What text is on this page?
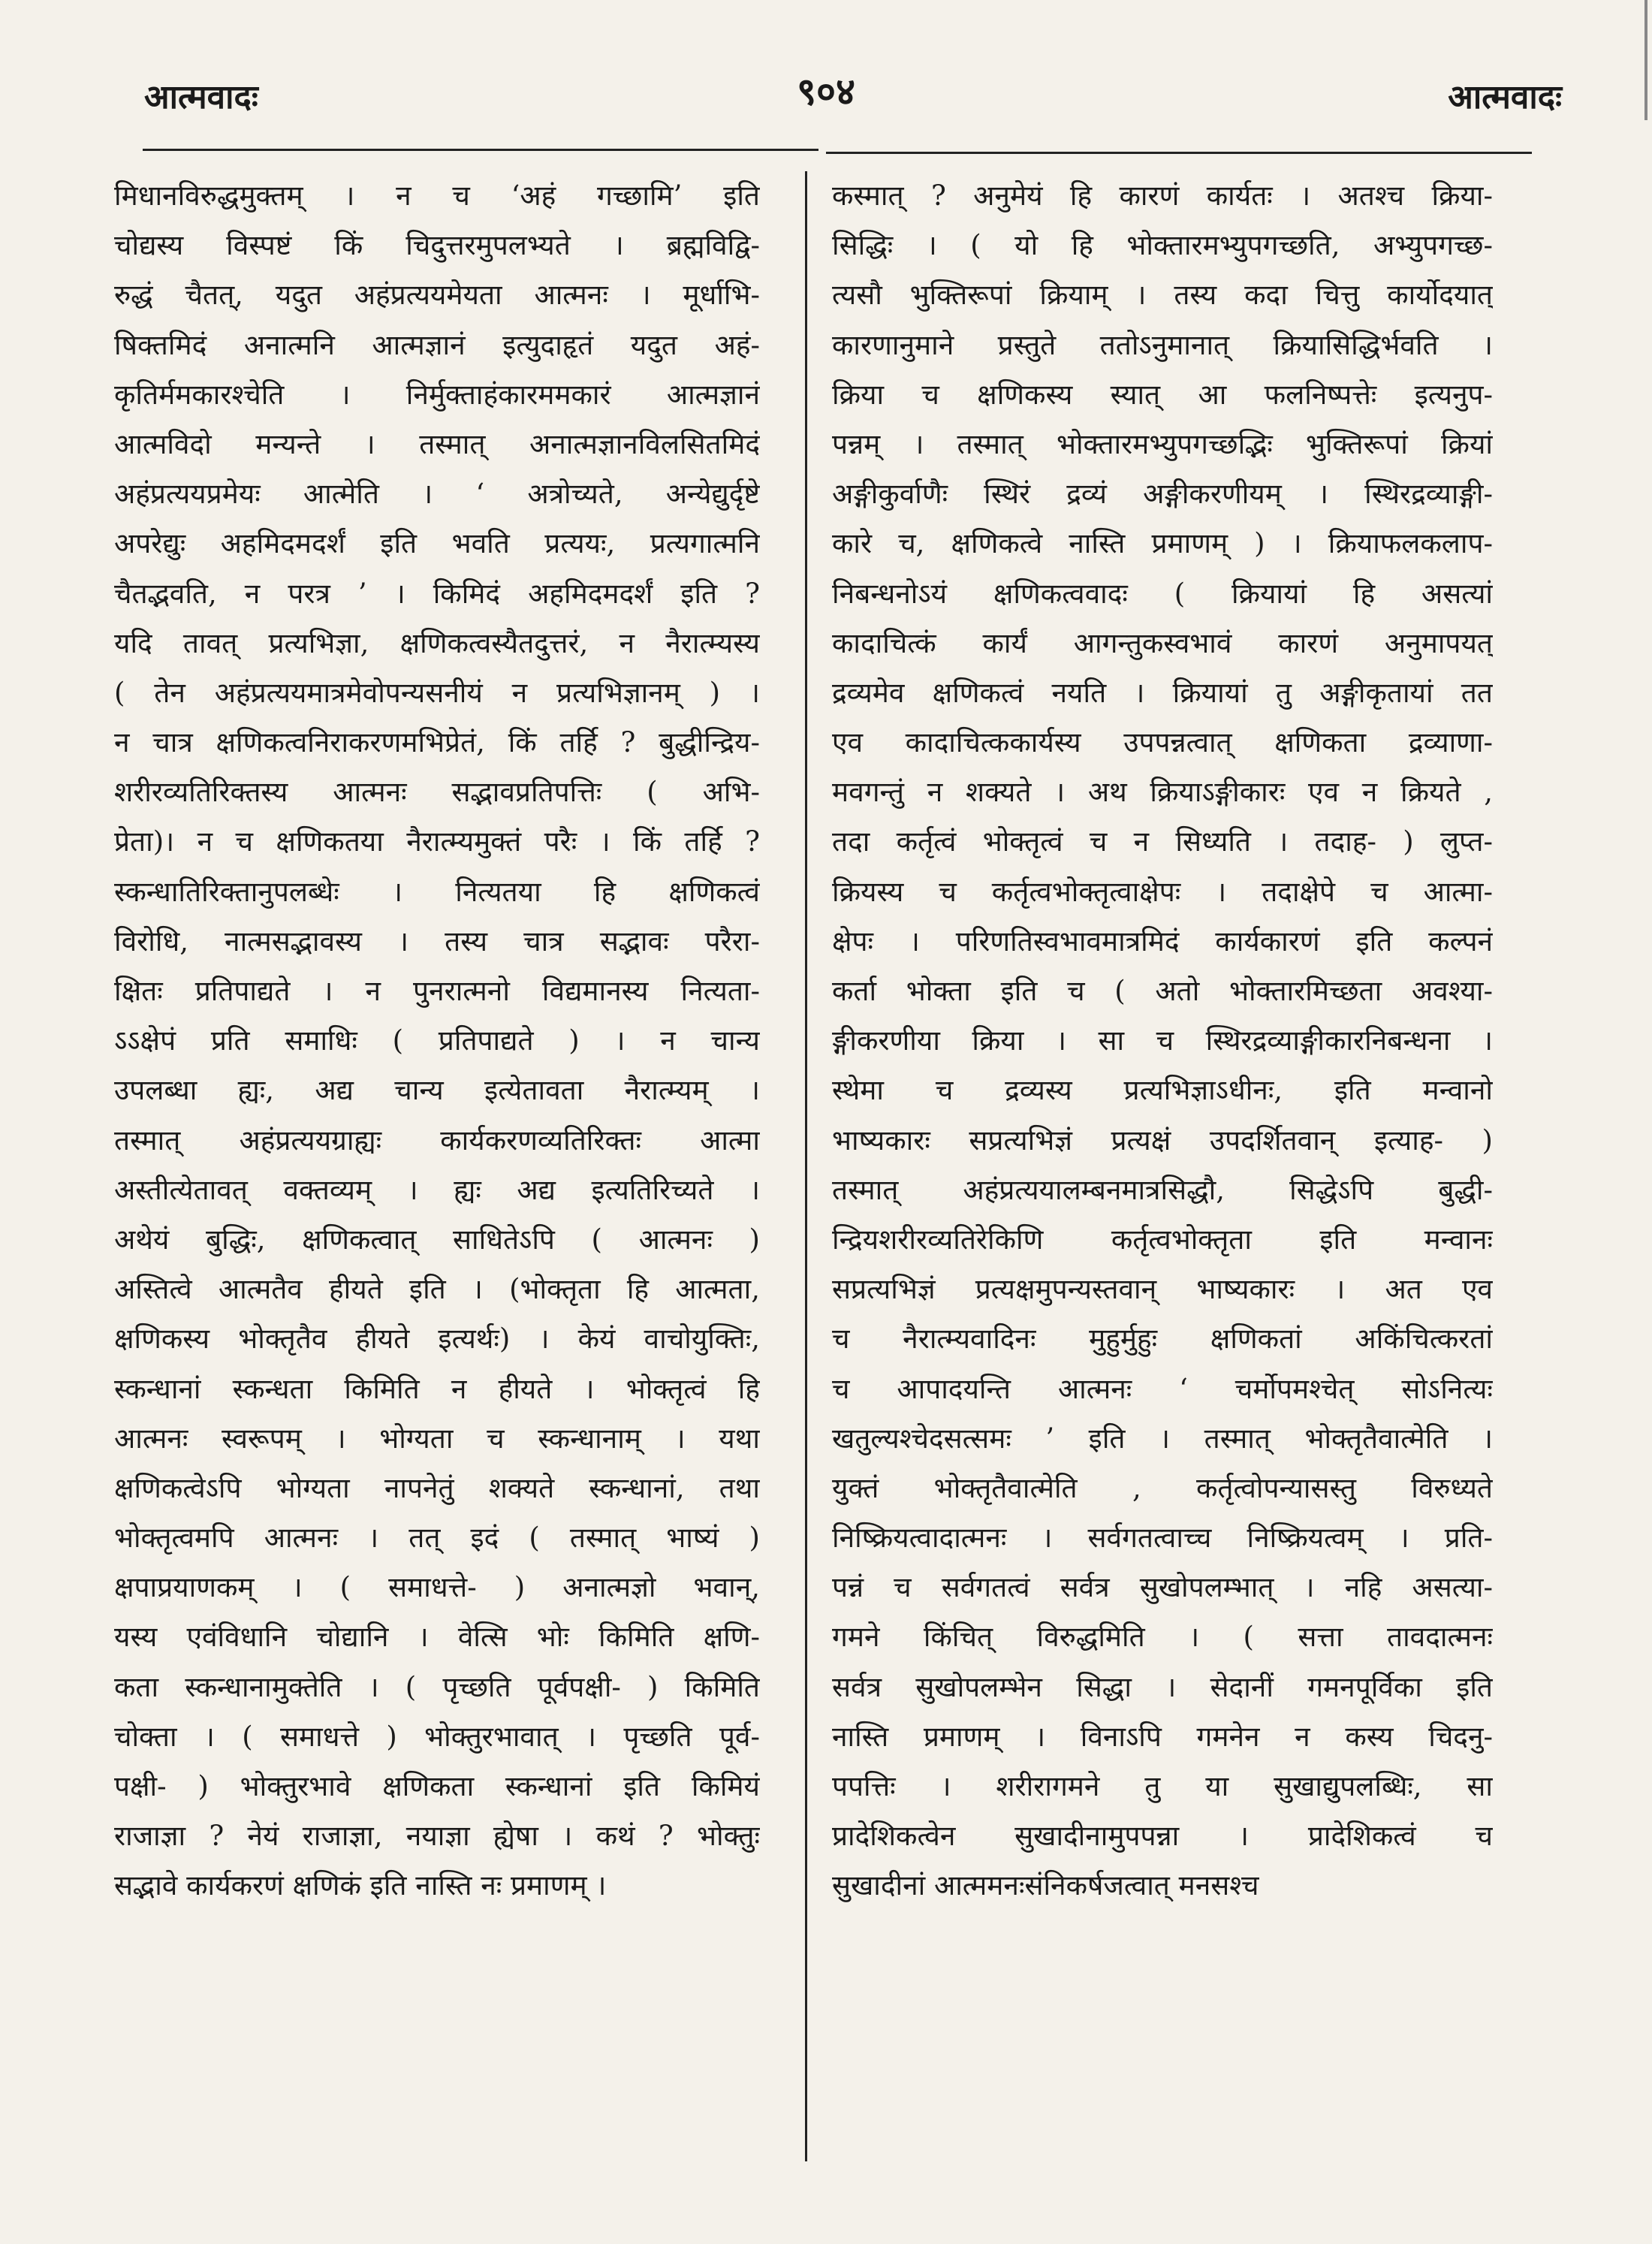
आत्मवादः	९०४	आत्मवादः
मिधानविरुद्धमुक्तम् । न च ‘अहं गच्छामि’ इति
चोद्यस्य विस्पष्टं किं चिदुत्तरमुपलभ्यते । ब्रह्मविद्वि-
रुद्धं चैतत्, यदुत अहंप्रत्ययमेयता आत्मनः । मूर्धाभि-
षिक्तमिदं अनात्मनि आत्मज्ञानं इत्युदाहृतं यदुत अहं-
कृतिर्ममकारश्चेति । निर्मुक्ताहंकारममकारं आत्मज्ञानं
आत्मविदो मन्यन्ते । तस्मात् अनात्मज्ञानविलसितमिदं
अहंप्रत्ययप्रमेयः आत्मेति । ‘ अत्रोच्यते, अन्येद्युर्दृष्टे
अपरेद्युः अहमिदमदर्शं इति भवति प्रत्ययः, प्रत्यगात्मनि
चैतद्भवति, न परत्र ’ । किमिदं अहमिदमदर्शं इति ?
यदि तावत् प्रत्यभिज्ञा, क्षणिकत्वस्यैतदुत्तरं, न नैरात्म्यस्य
( तेन अहंप्रत्ययमात्रमेवोपन्यसनीयं न प्रत्यभिज्ञानम् ) ।
न चात्र क्षणिकत्वनिराकरणमभिप्रेतं, किं तर्हि ? बुद्धीन्द्रिय-
शरीरव्यतिरिक्तस्य आत्मनः सद्भावप्रतिपत्तिः ( अभि-
प्रेता)। न च क्षणिकतया नैरात्म्यमुक्तं परैः । किं तर्हि ?
स्कन्धातिरिक्तानुपलब्धेः । नित्यतया हि क्षणिकत्वं
विरोधि, नात्मसद्भावस्य । तस्य चात्र सद्भावः परैरा-
क्षितः प्रतिपाद्यते । न पुनरात्मनो विद्यमानस्य नित्यता-
ऽऽक्षेपं प्रति समाधिः ( प्रतिपाद्यते ) । न चान्य
उपलब्धा ह्यः, अद्य चान्य इत्येतावता नैरात्म्यम् ।
तस्मात् अहंप्रत्ययग्राह्यः कार्यकरणव्यतिरिक्तः आत्मा
अस्तीत्येतावत् वक्तव्यम् । ह्यः अद्य इत्यतिरिच्यते ।
अथेयं बुद्धिः, क्षणिकत्वात् साधितेऽपि ( आत्मनः )
अस्तित्वे आत्मतैव हीयते इति । (भोक्तृता हि आत्मता,
क्षणिकस्य भोक्तृतैव हीयते इत्यर्थः) । केयं वाचोयुक्तिः,
स्कन्धानां स्कन्धता किमिति न हीयते । भोक्तृत्वं हि
आत्मनः स्वरूपम् । भोग्यता च स्कन्धानाम् । यथा
क्षणिकत्वेऽपि भोग्यता नापनेतुं शक्यते स्कन्धानां, तथा
भोक्तृत्वमपि आत्मनः । तत् इदं ( तस्मात् भाष्यं )
क्षपाप्रयाणकम् । ( समाधत्ते- ) अनात्मज्ञो भवान्,
यस्य एवंविधानि चोद्यानि । वेत्सि भोः किमिति क्षणि-
कता स्कन्धानामुक्तेति । ( पृच्छति पूर्वपक्षी- ) किमिति
चोक्ता । ( समाधत्ते ) भोक्तुरभावात् । पृच्छति पूर्व-
पक्षी- ) भोक्तुरभावे क्षणिकता स्कन्धानां इति किमियं
राजाज्ञा ? नेयं राजाज्ञा, नयाज्ञा ह्येषा । कथं ? भोक्तुः
सद्भावे कार्यकरणं क्षणिकं इति नास्ति नः प्रमाणम् ।
कस्मात् ? अनुमेयं हि कारणं कार्यतः । अतश्च क्रिया-
सिद्धिः । ( यो हि भोक्तारमभ्युपगच्छति, अभ्युपगच्छ-
त्यसौ भुक्तिरूपां क्रियाम् । तस्य कदा चित्तु कार्योदयात्
कारणानुमाने प्रस्तुते ततोऽनुमानात् क्रियासिद्धिर्भवति ।
क्रिया च क्षणिकस्य स्यात् आ फलनिष्पत्तेः इत्यनुप-
पन्नम् । तस्मात् भोक्तारमभ्युपगच्छद्भिः भुक्तिरूपां क्रियां
अङ्गीकुर्वाणैः स्थिरं द्रव्यं अङ्गीकरणीयम् । स्थिरद्रव्याङ्गी-
कारे च, क्षणिकत्वे नास्ति प्रमाणम् ) । क्रियाफलकलाप-
निबन्धनोऽयं क्षणिकत्ववादः ( क्रियायां हि असत्यां
कादाचित्कं कार्यं आगन्तुकस्वभावं कारणं अनुमापयत्
द्रव्यमेव क्षणिकत्वं नयति । क्रियायां तु अङ्गीकृतायां तत
एव कादाचित्ककार्यस्य उपपन्नत्वात् क्षणिकता द्रव्याणा-
मवगन्तुं न शक्यते । अथ क्रियाऽङ्गीकारः एव न क्रियते ,
तदा कर्तृत्वं भोक्तृत्वं च न सिध्यति । तदाह- ) लुप्त-
क्रियस्य च कर्तृत्वभोक्तृत्वाक्षेपः । तदाक्षेपे च आत्मा-
क्षेपः । परिणतिस्वभावमात्रमिदं कार्यकारणं इति कल्पनं
कर्ता भोक्ता इति च ( अतो भोक्तारमिच्छता अवश्या-
ङ्गीकरणीया क्रिया । सा च स्थिरद्रव्याङ्गीकारनिबन्धना ।
स्थेमा च द्रव्यस्य प्रत्यभिज्ञाऽधीनः, इति मन्वानो
भाष्यकारः सप्रत्यभिज्ञं प्रत्यक्षं उपदर्शितवान् इत्याह- )
तस्मात् अहंप्रत्ययालम्बनमात्रसिद्धौ, सिद्धेऽपि बुद्धी-
न्द्रियशरीरव्यतिरेकिणि कर्तृत्वभोक्तृता इति मन्वानः
सप्रत्यभिज्ञं प्रत्यक्षमुपन्यस्तवान् भाष्यकारः । अत एव
च नैरात्म्यवादिनः मुहुर्मुहुः क्षणिकतां अकिंचित्करतां
च आपादयन्ति आत्मनः ‘ चर्मोपमश्चेत् सोऽनित्यः
खतुल्यश्चेदसत्समः ’ इति । तस्मात् भोक्तृतैवात्मेति ।
युक्तं भोक्तृतैवात्मेति , कर्तृत्वोपन्यासस्तु विरुध्यते
निष्क्रियत्वादात्मनः । सर्वगतत्वाच्च निष्क्रियत्वम् । प्रति-
पन्नं च सर्वगतत्वं सर्वत्र सुखोपलम्भात् । नहि असत्या-
गमने किंचित् विरुद्धमिति । ( सत्ता तावदात्मनः
सर्वत्र सुखोपलम्भेन सिद्धा । सेदानीं गमनपूर्विका इति
नास्ति प्रमाणम् । विनाऽपि गमनेन न कस्य चिदनु-
पपत्तिः । शरीरागमने तु या सुखाद्युपलब्धिः, सा
प्रादेशिकत्वेन सुखादीनामुपपन्ना । प्रादेशिकत्वं च
सुखादीनां आत्ममनःसंनिकर्षजत्वात् मनसश्च
